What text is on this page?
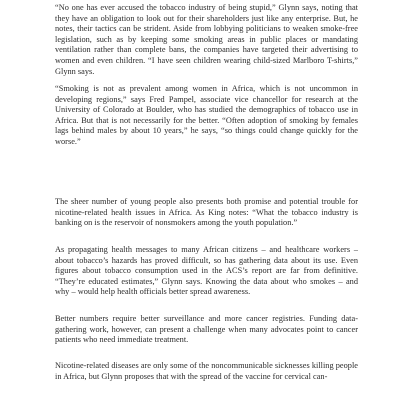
“No one has ever accused the tobacco industry of being stupid,” Glynn says, noting that they have an obligation to look out for their shareholders just like any enterprise. But, he notes, their tactics can be strident. Aside from lobbying politicians to weaken smoke-free legislation, such as by keeping some smoking areas in public places or mandating ventilation rather than complete bans, the companies have targeted their advertising to women and even children. “I have seen children wearing child-sized Marlboro T-shirts,” Glynn says.

“Smoking is not as prevalent among women in Africa, which is not uncommon in developing regions,” says Fred Pampel, associate vice chancellor for research at the University of Colorado at Boulder, who has studied the demographics of tobacco use in Africa. But that is not necessarily for the better. “Often adoption of smoking by females lags behind males by about 10 years,” he says, “so things could change quickly for the worse.”

The sheer number of young people also presents both promise and potential trouble for nicotine-related health issues in Africa. As King notes: “What the tobacco industry is banking on is the reservoir of nonsmokers among the youth population.”

As propagating health messages to many African citizens – and healthcare workers – about tobacco’s hazards has proved difficult, so has gathering data about its use. Even figures about tobacco consumption used in the ACS’s report are far from definitive. “They’re educated estimates,” Glynn says. Knowing the data about who smokes – and why – would help health officials better spread awareness.

Better numbers require better surveillance and more cancer registries. Funding data-gathering work, however, can present a challenge when many advocates point to cancer patients who need immediate treatment.

Nicotine-related diseases are only some of the noncommunicable sicknesses killing people in Africa, but Glynn proposes that with the spread of the vaccine for cervical can-
